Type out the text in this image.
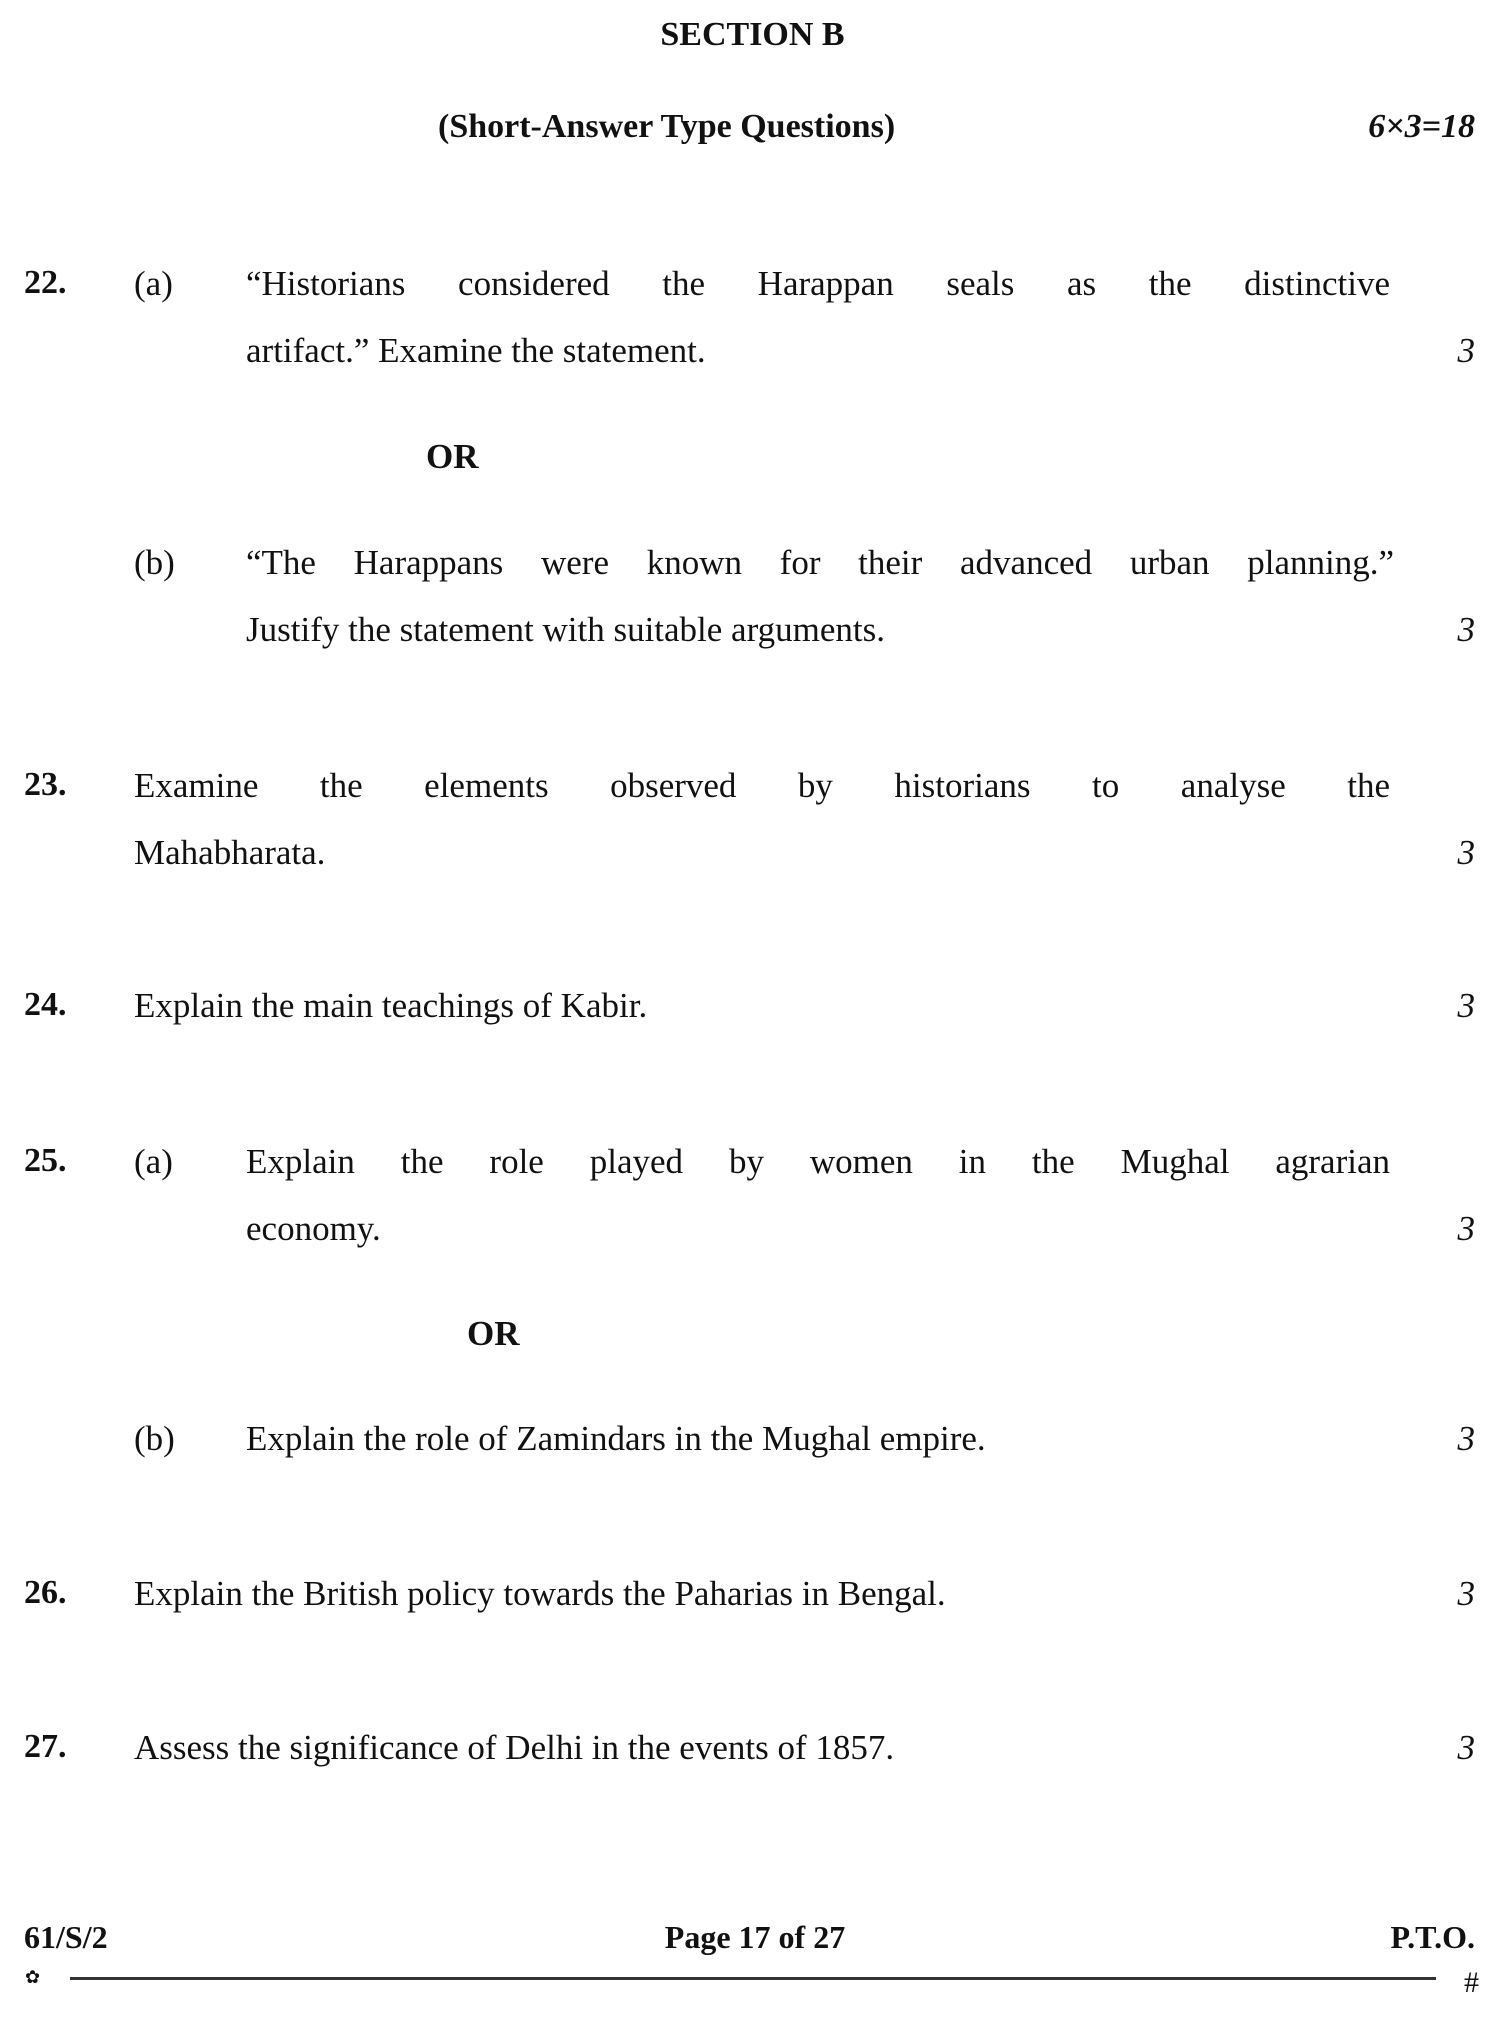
SECTION B
(Short-Answer Type Questions)	6×3=18
22. (a) “Historians considered the Harappan seals as the distinctive
artifact.” Examine the statement.	3
OR
(b) “The Harappans were known for their advanced urban planning.”
Justify the statement with suitable arguments.	3
23. Examine the elements observed by historians to analyse the
Mahabharata.	3
24. Explain the main teachings of Kabir.	3
25. (a) Explain the role played by women in the Mughal agrarian
economy.	3
OR
(b) Explain the role of Zamindars in the Mughal empire.	3
26. Explain the British policy towards the Paharias in Bengal.	3
27. Assess the significance of Delhi in the events of 1857.	3
61/S/2	Page 17 of 27	P.T.O.
✿	#
